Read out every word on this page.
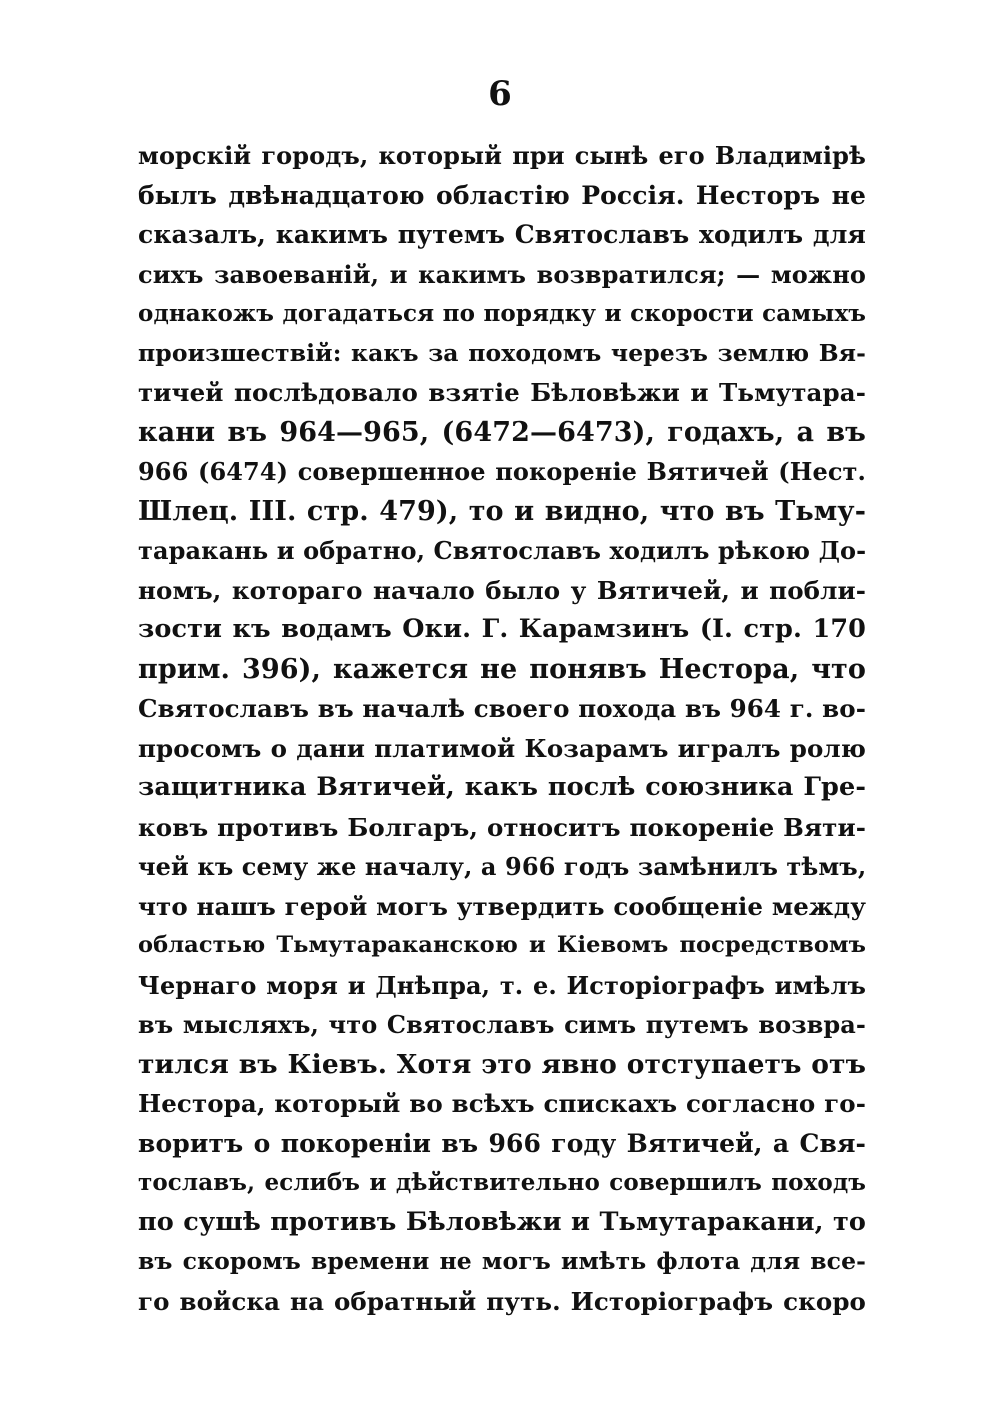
6
морскій городъ, который при сынѣ его Владимірѣ
былъ двѣнадцатою областію Россія. Несторъ не
сказалъ, какимъ путемъ Святославъ ходилъ для
сихъ завоеваній, и какимъ возвратился; — можно
однакожъ догадаться по порядку и скорости самыхъ
произшествій: какъ за походомъ черезъ землю Вя-
тичей послѣдовало взятіе Бѣловѣжи и Тьмутара-
кани въ 964—965, (6472—6473), годахъ, а въ
966 (6474) совершенное покореніе Вятичей (Нест.
Шлец. III. стр. 479), то и видно, что въ Тьму-
таракань и обратно, Святославъ ходилъ рѣкою До-
номъ, котораго начало было у Вятичей, и побли-
зости къ водамъ Оки. Г. Карамзинъ (I. стр. 170
прим. 396), кажется не понявъ Нестора, что
Святославъ въ началѣ своего похода въ 964 г. во-
просомъ о дани платимой Козарамъ игралъ ролю
защитника Вятичей, какъ послѣ союзника Гре-
ковъ противъ Болгаръ, относитъ покореніе Вяти-
чей къ сему же началу, а 966 годъ замѣнилъ тѣмъ,
что нашъ герой могъ утвердить сообщеніе между
областью Тьмутараканскою и Кіевомъ посредствомъ
Чернаго моря и Днѣпра, т. е. Исторіографъ имѣлъ
въ мысляхъ, что Святославъ симъ путемъ возвра-
тился въ Кіевъ. Хотя это явно отступаетъ отъ
Нестора, который во всѣхъ спискахъ согласно го-
воритъ о покореніи въ 966 году Вятичей, а Свя-
тославъ, еслибъ и дѣйствительно совершилъ походъ
по сушѣ противъ Бѣловѣжи и Тьмутаракани, то
въ скоромъ времени не могъ имѣть флота для все-
го войска на обратный путь. Исторіографъ скоро
